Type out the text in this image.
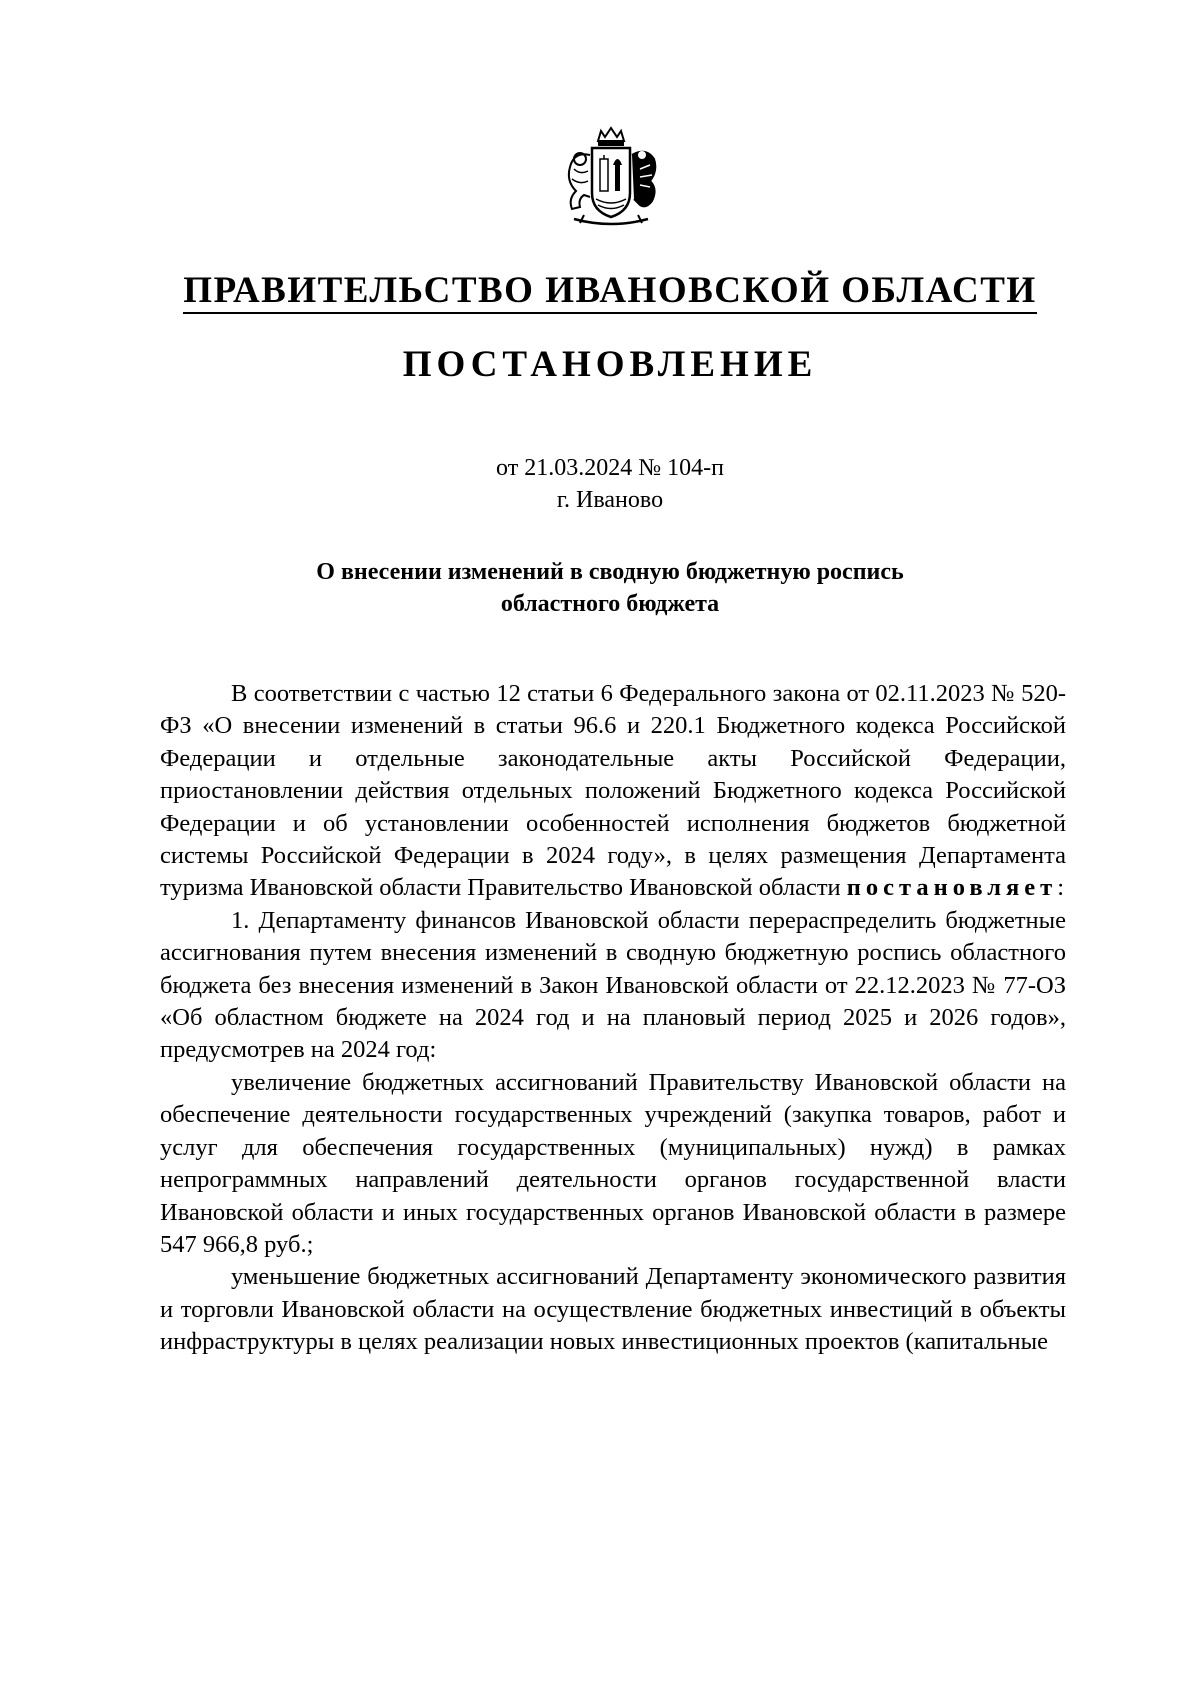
ПРАВИТЕЛЬСТВО ИВАНОВСКОЙ ОБЛАСТИ
ПОСТАНОВЛЕНИЕ
от 21.03.2024 № 104-п
г. Иваново
О внесении изменений в сводную бюджетную роспись
областного бюджета

В соответствии с частью 12 статьи 6 Федерального закона от 02.11.2023 № 520-ФЗ «О внесении изменений в статьи 96.6 и 220.1 Бюджетного кодекса Российской Федерации и отдельные законодательные акты Российской Федерации, приостановлении действия отдельных положений Бюджетного кодекса Российской Федерации и об установлении особенностей исполнения бюджетов бюджетной системы Российской Федерации в 2024 году», в целях размещения Департамента туризма Ивановской области Правительство Ивановской области постановляет:

1. Департаменту финансов Ивановской области перераспределить бюджетные ассигнования путем внесения изменений в сводную бюджетную роспись областного бюджета без внесения изменений в Закон Ивановской области от 22.12.2023 № 77-ОЗ «Об областном бюджете на 2024 год и на плановый период 2025 и 2026 годов», предусмотрев на 2024 год:

увеличение бюджетных ассигнований Правительству Ивановской области на обеспечение деятельности государственных учреждений (закупка товаров, работ и услуг для обеспечения государственных (муниципальных) нужд) в рамках непрограммных направлений деятельности органов государственной власти Ивановской области и иных государственных органов Ивановской области в размере 547 966,8 руб.;

уменьшение бюджетных ассигнований Департаменту экономического развития и торговли Ивановской области на осуществление бюджетных инвестиций в объекты инфраструктуры в целях реализации новых инвестиционных проектов (капитальные
